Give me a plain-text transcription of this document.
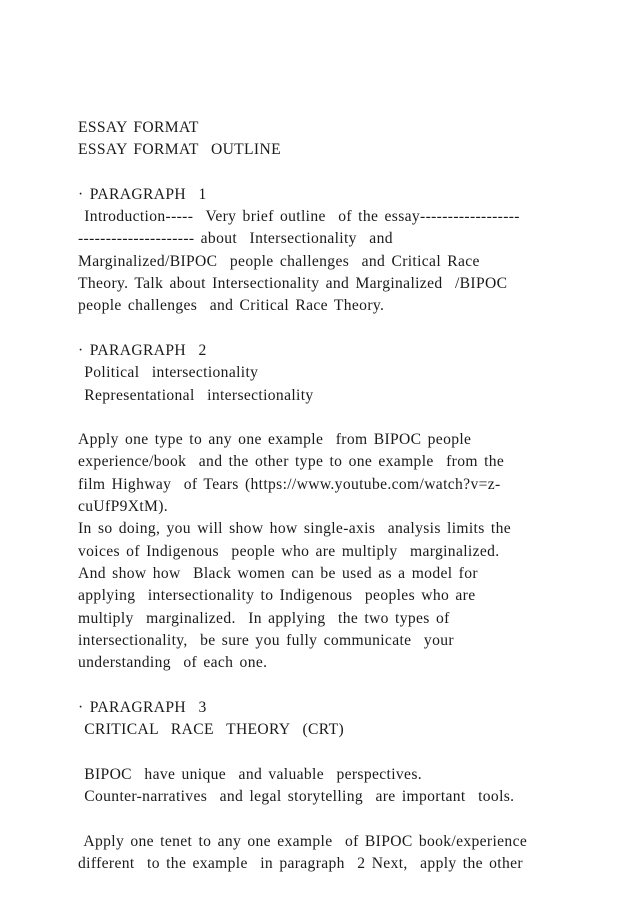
ESSAY FORMAT
ESSAY FORMAT  OUTLINE
· PARAGRAPH  1
Introduction-----  Very brief outline  of the essay------------------
--------------------- about  Intersectionality  and
Marginalized/BIPOC  people challenges  and Critical Race
Theory. Talk about Intersectionality and Marginalized  /BIPOC
people challenges  and Critical Race Theory.
· PARAGRAPH  2
Political  intersectionality
Representational  intersectionality
Apply one type to any one example  from BIPOC people
experience/book  and the other type to one example  from the
film Highway  of Tears (https://www.youtube.com/watch?v=z-
cuUfP9XtM).
In so doing, you will show how single-axis  analysis limits the
voices of Indigenous  people who are multiply  marginalized.
And show how  Black women can be used as a model for
applying  intersectionality to Indigenous  peoples who are
multiply  marginalized.  In applying  the two types of
intersectionality,  be sure you fully communicate  your
understanding  of each one.
· PARAGRAPH  3
CRITICAL  RACE  THEORY  (CRT)
BIPOC  have unique  and valuable  perspectives.
Counter-narratives  and legal storytelling  are important  tools.
Apply one tenet to any one example  of BIPOC book/experience
different  to the example  in paragraph  2 Next,  apply the other
